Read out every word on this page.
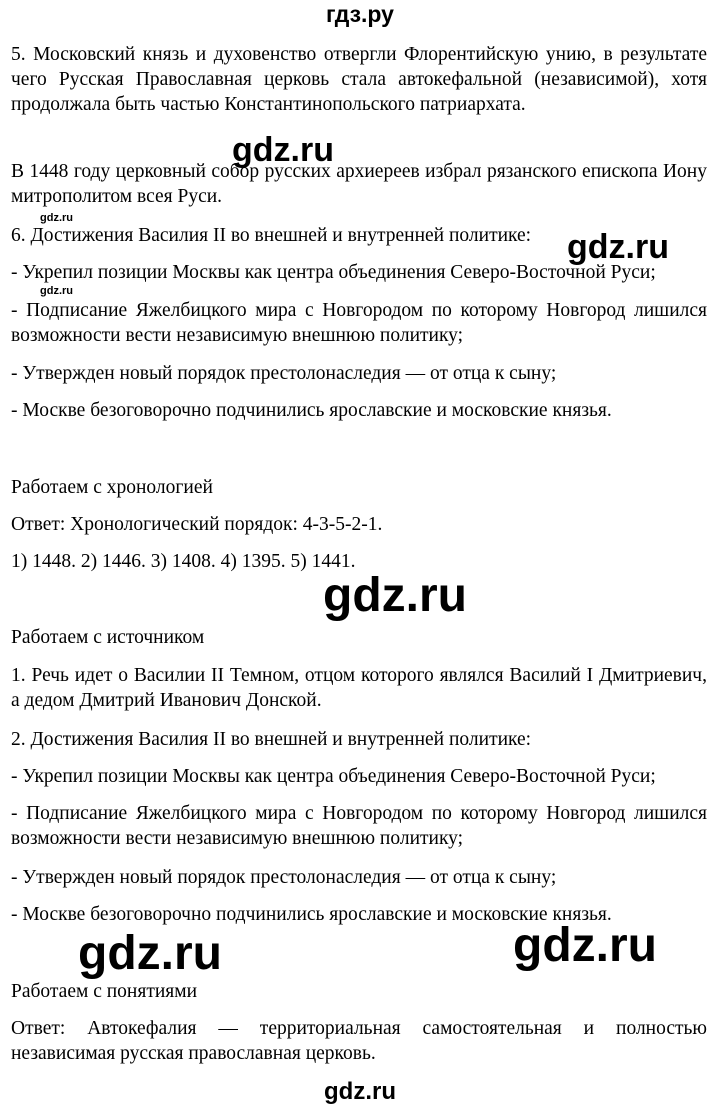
гдз.ру

5. Московский князь и духовенство отвергли Флорентийскую унию, в результате чего Русская Православная церковь стала автокефальной (независимой), хотя продолжала быть частью Константинопольского патриархата.

В 1448 году церковный собор русских архиереев избрал рязанского епископа Иону митрополитом всея Руси.

6. Достижения Василия II во внешней и внутренней политике:

- Укрепил позиции Москвы как центра объединения Северо-Восточной Руси;

- Подписание Яжелбицкого мира с Новгородом по которому Новгород лишился возможности вести независимую внешнюю политику;

- Утвержден новый порядок престолонаследия — от отца к сыну;

- Москве безоговорочно подчинились ярославские и московские князья.

Работаем с хронологией

Ответ: Хронологический порядок: 4-3-5-2-1.

1) 1448. 2) 1446. 3) 1408. 4) 1395. 5) 1441.

Работаем с источником

1. Речь идет о Василии II Темном, отцом которого являлся Василий I Дмитриевич, а дедом Дмитрий Иванович Донской.

2. Достижения Василия II во внешней и внутренней политике:

- Укрепил позиции Москвы как центра объединения Северо-Восточной Руси;

- Подписание Яжелбицкого мира с Новгородом по которому Новгород лишился возможности вести независимую внешнюю политику;

- Утвержден новый порядок престолонаследия — от отца к сыну;

- Москве безоговорочно подчинились ярославские и московские князья.

Работаем с понятиями

Ответ: Автокефалия — территориальная самостоятельная и полностью независимая русская православная церковь.

gdz.ru
gdz.ru
gdz.ru
gdz.ru
gdz.ru
gdz.ru	gdz.ru
gdz.ru
